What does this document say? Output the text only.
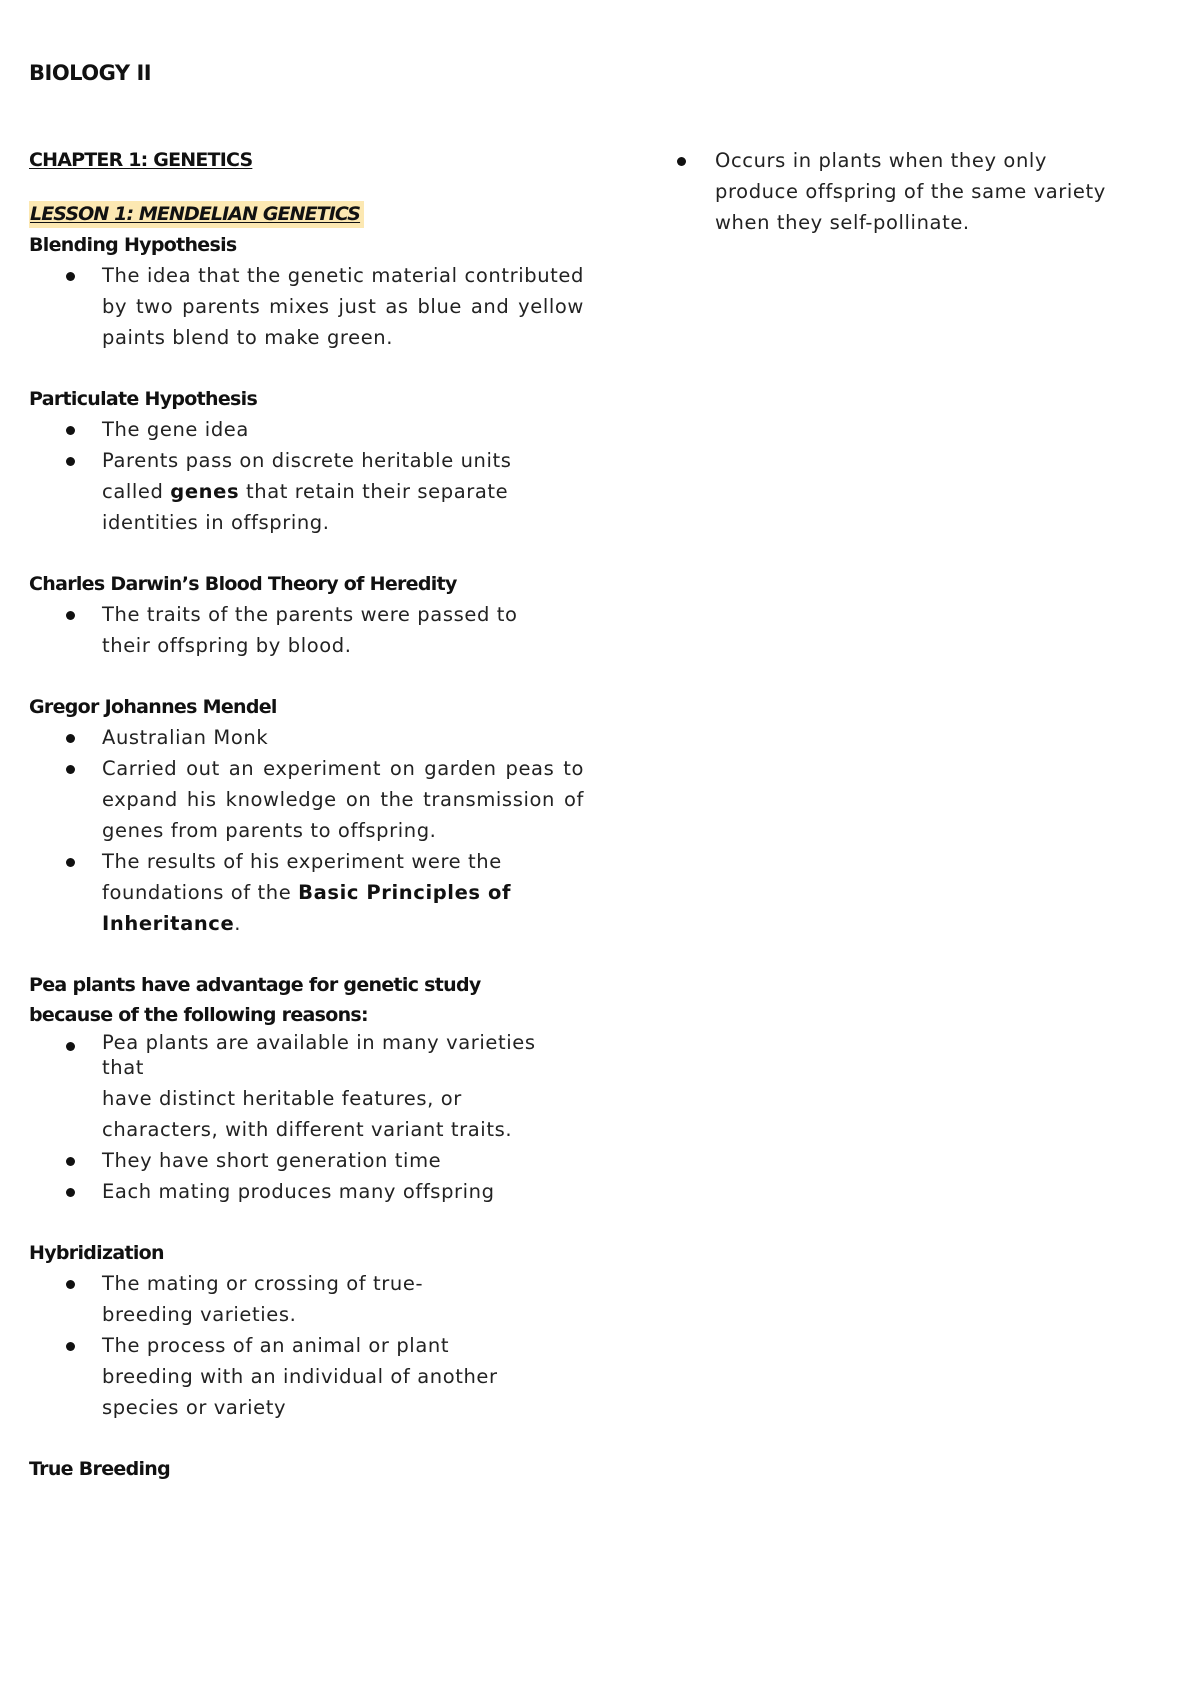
BIOLOGY II
CHAPTER 1: GENETICS
LESSON 1: MENDELIAN GENETICS
Blending Hypothesis
The idea that the genetic material contributed by two parents mixes just as blue and yellow paints blend to make green.
Particulate Hypothesis
The gene idea
Parents pass on discrete heritable units called genes that retain their separate identities in offspring.
Charles Darwin’s Blood Theory of Heredity
The traits of the parents were passed to their offspring by blood.
Gregor Johannes Mendel
Australian Monk
Carried out an experiment on garden peas to expand his knowledge on the transmission of genes from parents to offspring.
The results of his experiment were the foundations of the Basic Principles of Inheritance.
Pea plants have advantage for genetic study
because of the following reasons:
Pea plants are available in many varieties that
have distinct heritable features, or characters, with different variant traits.
They have short generation time
Each mating produces many offspring
Hybridization
The mating or crossing of true-breeding varieties.
The process of an animal or plant breeding with an individual of another species or variety
True Breeding
Occurs in plants when they only produce offspring of the same variety when they self-pollinate.
